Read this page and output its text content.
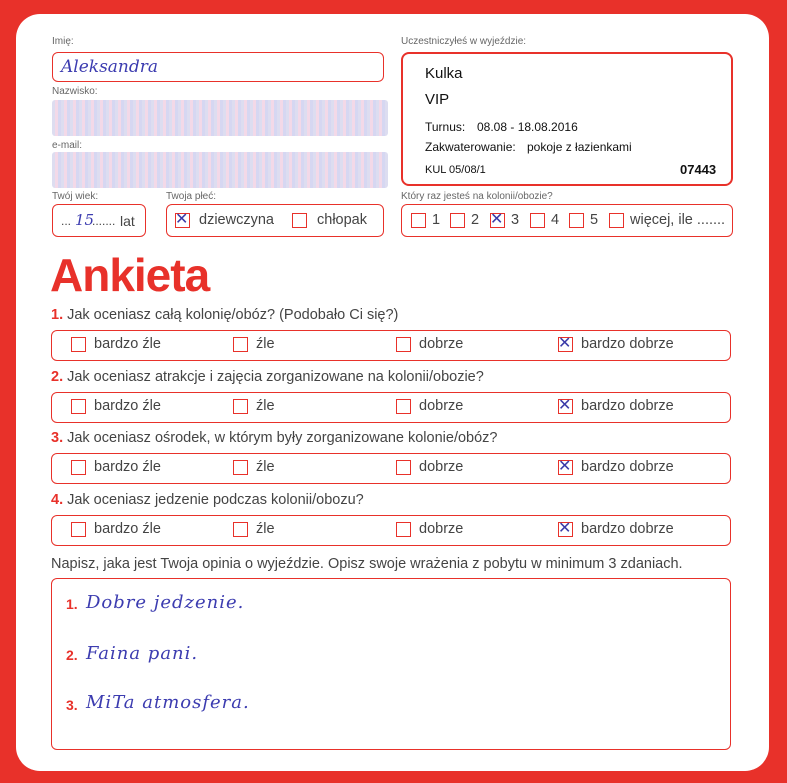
Imię:
Aleksandra
Nazwisko:
e-mail:
Twój wiek:
... 15
....... lat
Twoja płeć:
✕ dziewczyna	chłopak
Uczestniczyłeś w wyjeździe:
Kulka
VIP
Turnus: 08.08 - 18.08.2016
Zakwaterowanie: pokoje z łazienkami
KUL 05/08/1	07443
Który raz jesteś na kolonii/obozie?
1 2 ✕ 3 4 5 więcej, ile .......
Ankieta
1. Jak oceniasz całą kolonię/obóz? (Podobało Ci się?)
bardzo źle	źle	dobrze	✕ bardzo dobrze
2. Jak oceniasz atrakcje i zajęcia zorganizowane na kolonii/obozie?
bardzo źle	źle	dobrze	✕ bardzo dobrze
3. Jak oceniasz ośrodek, w którym były zorganizowane kolonie/obóz?
bardzo źle	źle	dobrze	✕ bardzo dobrze
4. Jak oceniasz jedzenie podczas kolonii/obozu?
bardzo źle	źle	dobrze	✕ bardzo dobrze
Napisz, jaka jest Twoja opinia o wyjeździe. Opisz swoje wrażenia z pobytu w minimum 3 zdaniach.
1. Dobre jedzenie.
2. Faina pani.
3. MiTa atmosfera.
